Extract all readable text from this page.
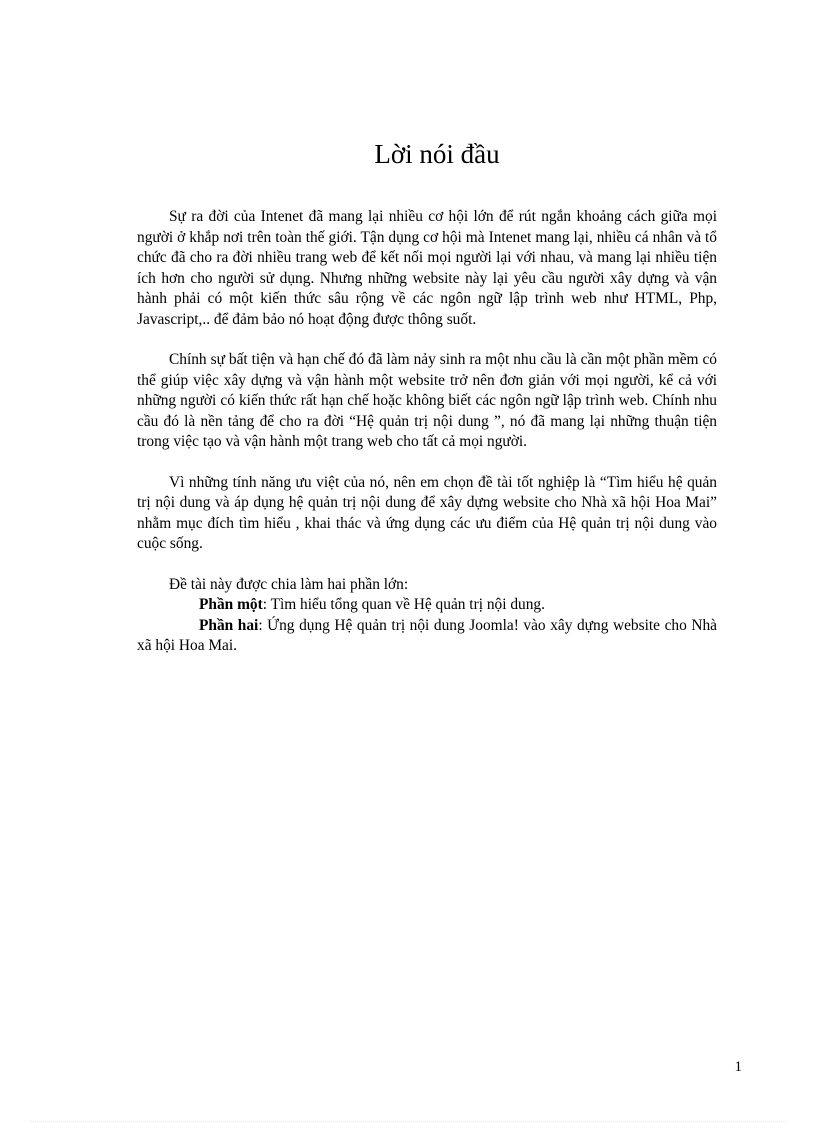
Lời nói đầu

Sự ra đời của Intenet đã mang lại nhiều cơ hội lớn để rút ngắn khoảng cách giữa mọi người ở khắp nơi trên toàn thế giới. Tận dụng cơ hội mà Intenet mang lại, nhiều cá nhân và tổ chức đã cho ra đời nhiều trang web để kết nối mọi người lại với nhau, và mang lại nhiều tiện ích hơn cho người sử dụng. Nhưng những website này lại yêu cầu người xây dựng và vận hành phải có một kiến thức sâu rộng về các ngôn ngữ lập trình web như HTML, Php, Javascript,.. để đảm bảo nó hoạt động được thông suốt.

Chính sự bất tiện và hạn chế đó đã làm nảy sinh ra một nhu cầu là cần một phần mềm có thể giúp việc xây dựng và vận hành một website trở nên đơn giản với mọi người, kể cả với những người có kiến thức rất hạn chế hoặc không biết các ngôn ngữ lập trình web. Chính nhu cầu đó là nền tảng để cho ra đời “Hệ quản trị nội dung ”, nó đã mang lại những thuận tiện trong việc tạo và vận hành một trang web cho tất cả mọi người.

Vì những tính năng ưu việt của nó, nên em chọn đề tài tốt nghiệp là “Tìm hiểu hệ quản trị nội dung và áp dụng hệ quản trị nội dung để xây dựng website cho Nhà xã hội Hoa Mai” nhằm mục đích tìm hiểu , khai thác và ứng dụng các ưu điểm của Hệ quản trị nội dung vào cuộc sống.

Đề tài này được chia làm hai phần lớn:

Phần một: Tìm hiểu tổng quan về Hệ quản trị nội dung.

Phần hai: Ứng dụng Hệ quản trị nội dung Joomla! vào xây dựng website cho Nhà xã hội Hoa Mai.

1
